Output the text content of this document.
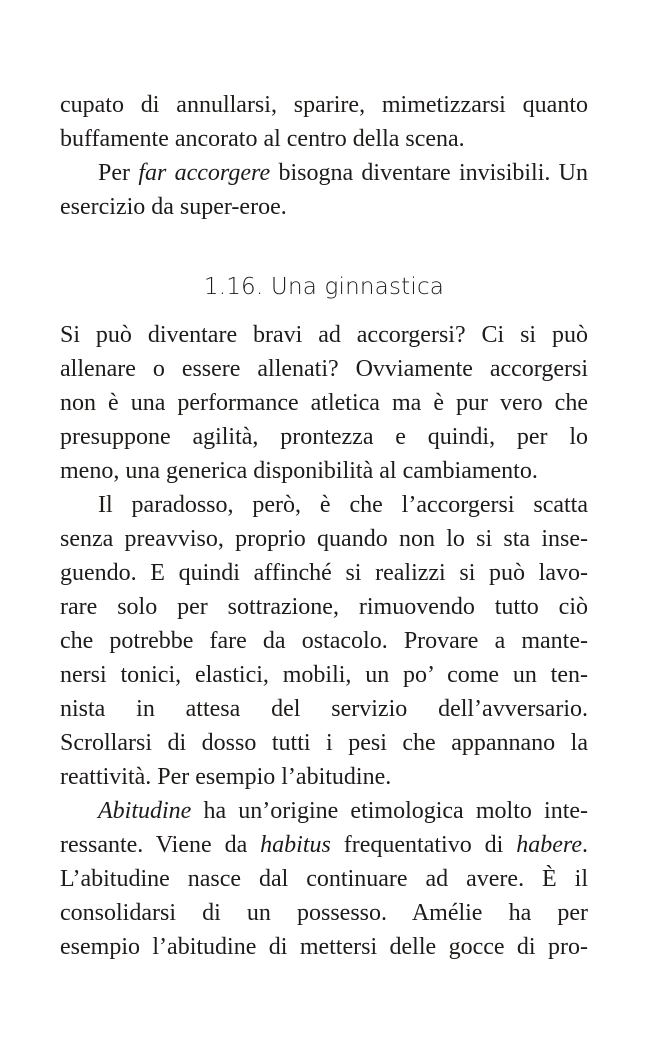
cupato di annullarsi, sparire, mimetizzarsi quanto
buffamente ancorato al centro della scena.
Per far accorgere bisogna diventare invisibili. Un
esercizio da super-eroe.
1.16. Una ginnastica
Si può diventare bravi ad accorgersi? Ci si può
allenare o essere allenati? Ovviamente accorgersi
non è una performance atletica ma è pur vero che
presuppone agilità, prontezza e quindi, per lo
meno, una generica disponibilità al cambiamento.
Il paradosso, però, è che l’accorgersi scatta
senza preavviso, proprio quando non lo si sta inse-
guendo. E quindi affinché si realizzi si può lavo-
rare solo per sottrazione, rimuovendo tutto ciò
che potrebbe fare da ostacolo. Provare a mante-
nersi tonici, elastici, mobili, un po’ come un ten-
nista in attesa del servizio dell’avversario.
Scrollarsi di dosso tutti i pesi che appannano la
reattività. Per esempio l’abitudine.
Abitudine ha un’origine etimologica molto inte-
ressante. Viene da habitus frequentativo di habere.
L’abitudine nasce dal continuare ad avere. È il
consolidarsi di un possesso. Amélie ha per
esempio l’abitudine di mettersi delle gocce di pro-
